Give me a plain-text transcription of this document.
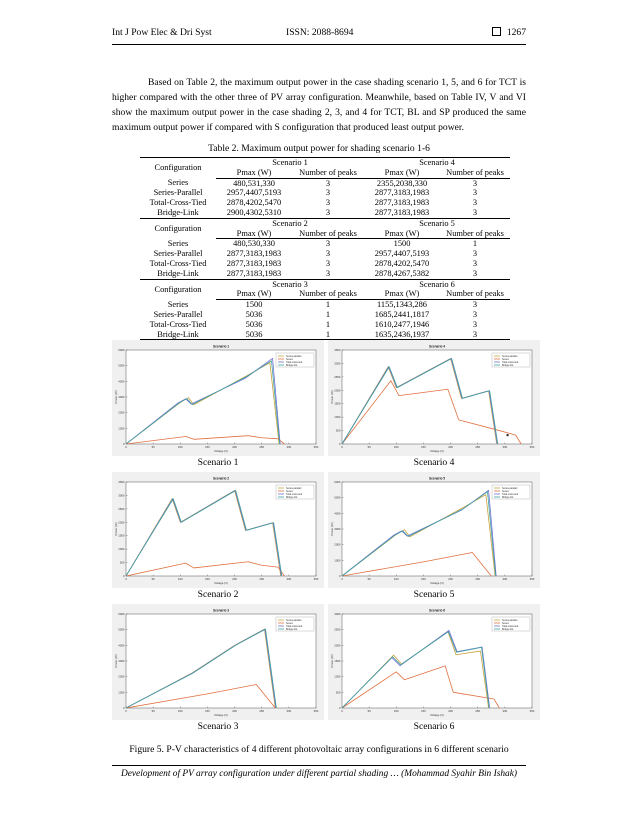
Int J Pow Elec & Dri Syst	ISSN: 2088-8694	1267

Based on Table 2, the maximum output power in the case shading scenario 1, 5, and 6 for TCT is higher compared with the other three of PV array configuration. Meanwhile, based on Table IV, V and VI show the maximum output power in the case shading 2, 3, and 4 for TCT, BL and SP produced the same maximum output power if compared with S configuration that produced least output power.

Table 2. Maximum output power for shading scenario 1-6
Configuration	Scenario 1		Scenario 4	
	Pmax (W)	Number of peaks	Pmax (W)	Number of peaks
Series	480,531,330	3	2355,2038,330	3
Series-Parallel	2957,4407,5193	3	2877,3183,1983	3
Total-Cross-Tied	2878,4202,5470	3	2877,3183,1983	3
Bridge-Link	2900,4302,5310	3	2877,3183,1983	3
Configuration	Scenario 2		Scenario 5	
	Pmax (W)	Number of peaks	Pmax (W)	Number of peaks
Series	480,530,330	3	1500	1
Series-Parallel	2877,3183,1983	3	2957,4407,5193	3
Total-Cross-Tied	2877,3183,1983	3	2878,4202,5470	3
Bridge-Link	2877,3183,1983	3	2878,4267,5382	3
Configuration	Scenario 3		Scenario 6	
	Pmax (W)	Number of peaks	Pmax (W)	Number of peaks
Series	1500	1	1155,1343,286	3
Series-Parallel	5036	1	1685,2441,1817	3
Total-Cross-Tied	5036	1	1610,2477,1946	3
Bridge-Link	5036	1	1635,2436,1937	3
0	50	100	150	200	250	300	350
0
1000
2000
3000
4000
5000
6000
Scenario 1
Voltage (V)
Power (W)
Series-parallel
Series
Total-cross-tied
Bridge-link
Scenario 1
0	50	100	150	200	250	300	350
0
500
1000
1500
2000
2500
3000
3500
Scenario 4
Voltage (V)
Power (W)
Series-parallel
Series
Total-cross-tied
Bridge-link
Scenario 4
0	50	100	150	200	250	300	350
0
500
1000
1500
2000
2500
3000
3500
Scenario 2
Voltage (V)
Power (W)
Series-parallel
Series
Total-cross-tied
Bridge-link
Scenario 2
0	50	100	150	200	250	300	350
0
1000
2000
3000
4000
5000
6000
Scenario 5
Voltage (V)
Power (W)
Series-parallel
Series
Total-cross-tied
Bridge-link
Scenario 5
0	50	100	150	200	250	300	350
0
1000
2000
3000
4000
5000
6000
Scenario 3
Voltage (V)
Power (W)
Series-parallel
Series
Total-cross-tied
Bridge-link
Scenario 3
0	50	100	150	200	250	300	350
0
500
1000
1500
2000
2500
3000
Scenario 6
Voltage (V)
Power (W)
Series-parallel
Series
Total-cross-tied
Bridge-link
Scenario 6
Figure 5. P-V characteristics of 4 different photovoltaic array configurations in 6 different scenario
Development of PV array configuration under different partial shading … (Mohammad Syahir Bin Ishak)
